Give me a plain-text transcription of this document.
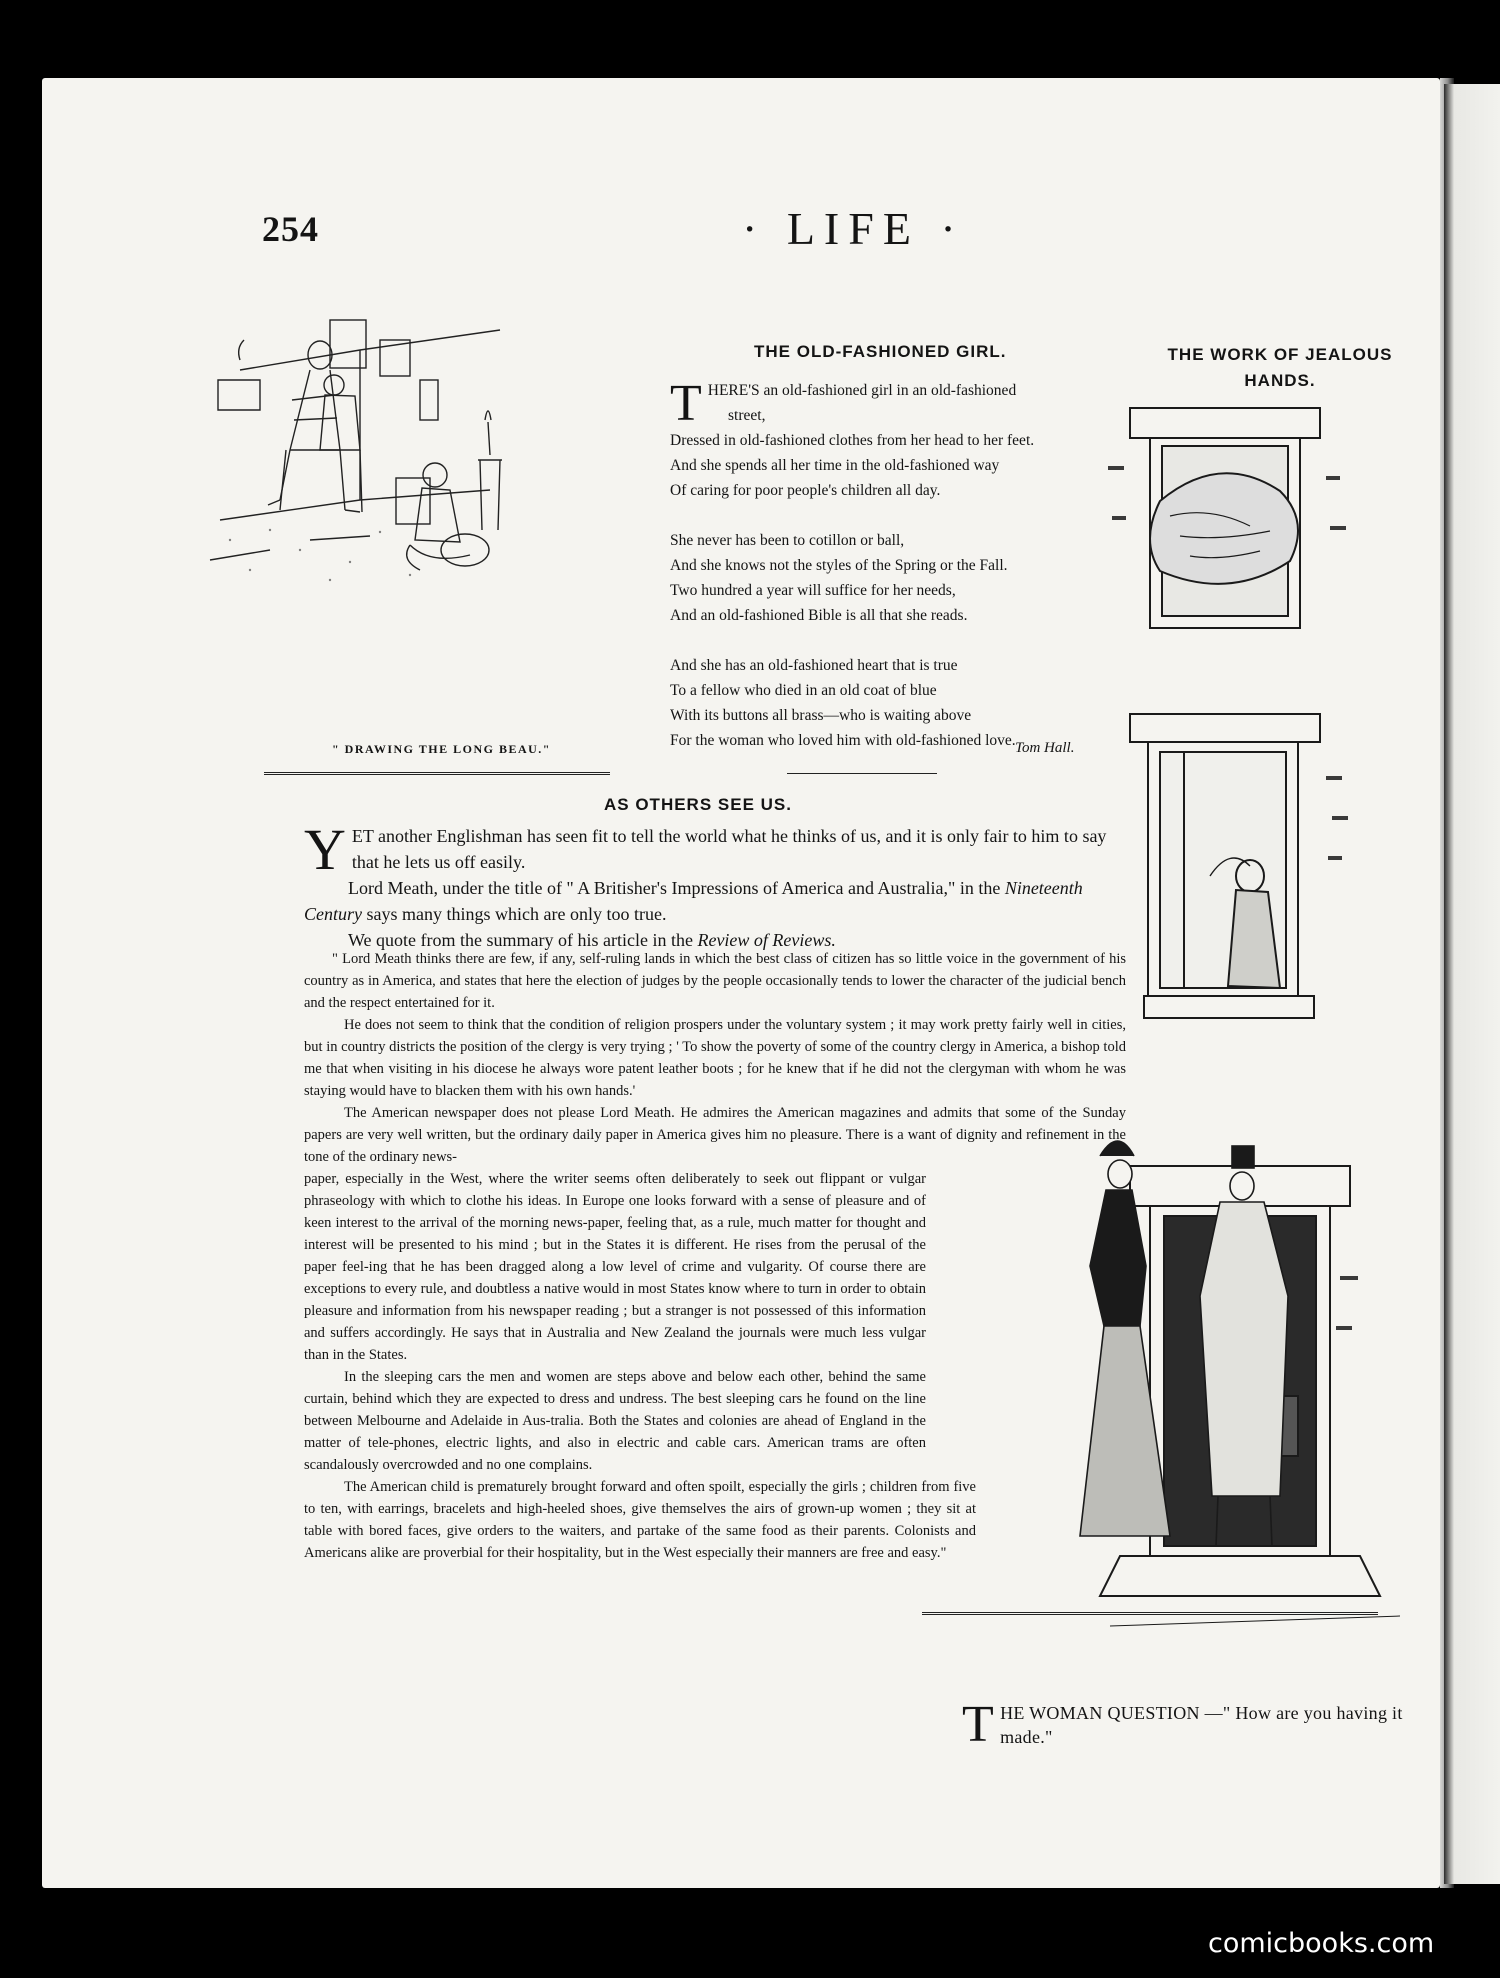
254	· LIFE ·
" DRAWING THE LONG BEAU."
THE OLD-FASHIONED GIRL.
T HERE'S an old-fashioned girl in an old-fashioned

street,

Dressed in old-fashioned clothes from her head to her feet.

And she spends all her time in the old-fashioned way

Of caring for poor people's children all day.

She never has been to cotillon or ball,

And she knows not the styles of the Spring or the Fall.

Two hundred a year will suffice for her needs,

And an old-fashioned Bible is all that she reads.

And she has an old-fashioned heart that is true

To a fellow who died in an old coat of blue

With its buttons all brass—who is waiting above

For the woman who loved him with old-fashioned love. Tom Hall.
THE WORK OF JEALOUS
HANDS.
AS OTHERS SEE US.
Y ET another Englishman has seen fit to tell the world what he thinks of us, and it is only fair to him to say that he lets us off easily.

Lord Meath, under the title of " A Britisher's Impressions of America and Australia," in the Nineteenth Century says many things which are only too true.

We quote from the summary of his article in the Review of Reviews.

" Lord Meath thinks there are few, if any, self-ruling lands in which the best class of citizen has so little voice in the government of his country as in America, and states that here the election of judges by the people occasionally tends to lower the character of the judicial bench and the respect entertained for it.

He does not seem to think that the condition of religion prospers under the voluntary system ; it may work pretty fairly well in cities, but in country districts the position of the clergy is very trying ; ' To show the poverty of some of the country clergy in America, a bishop told me that when visiting in his diocese he always wore patent leather boots ; for he knew that if he did not the clergyman with whom he was staying would have to blacken them with his own hands.'

The American newspaper does not please Lord Meath. He admires the American magazines and admits that some of the Sunday papers are very well written, but the ordinary daily paper in America gives him no pleasure. There is a want of dignity and refinement in the tone of the ordinary news-

paper, especially in the West, where the writer seems often deliberately to seek out flippant or vulgar phraseology with which to clothe his ideas. In Europe one looks forward with a sense of pleasure and of keen interest to the arrival of the morning news-paper, feeling that, as a rule, much matter for thought and interest will be presented to his mind ; but in the States it is different. He rises from the perusal of the paper feel-ing that he has been dragged along a low level of crime and vulgarity. Of course there are exceptions to every rule, and doubtless a native would in most States know where to turn in order to obtain pleasure and information from his newspaper reading ; but a stranger is not possessed of this information and suffers accordingly. He says that in Australia and New Zealand the journals were much less vulgar than in the States.

In the sleeping cars the men and women are steps above and below each other, behind the same curtain, behind which they are expected to dress and undress. The best sleeping cars he found on the line between Melbourne and Adelaide in Aus-tralia. Both the States and colonies are ahead of England in the matter of tele-phones, electric lights, and also in electric and cable cars. American trams are often scandalously overcrowded and no one complains.

The American child is prematurely brought forward and often spoilt, especially the girls ; children from five to ten, with earrings, bracelets and high-heeled shoes, give themselves the airs of grown-up women ; they sit at table with bored faces, give orders to the waiters, and partake of the same food as their parents. Colonists and Americans alike are proverbial for their hospitality, but in the West especially their manners are free and easy."

T HE WOMAN QUESTION —" How are you having it made."
comicbooks.com
